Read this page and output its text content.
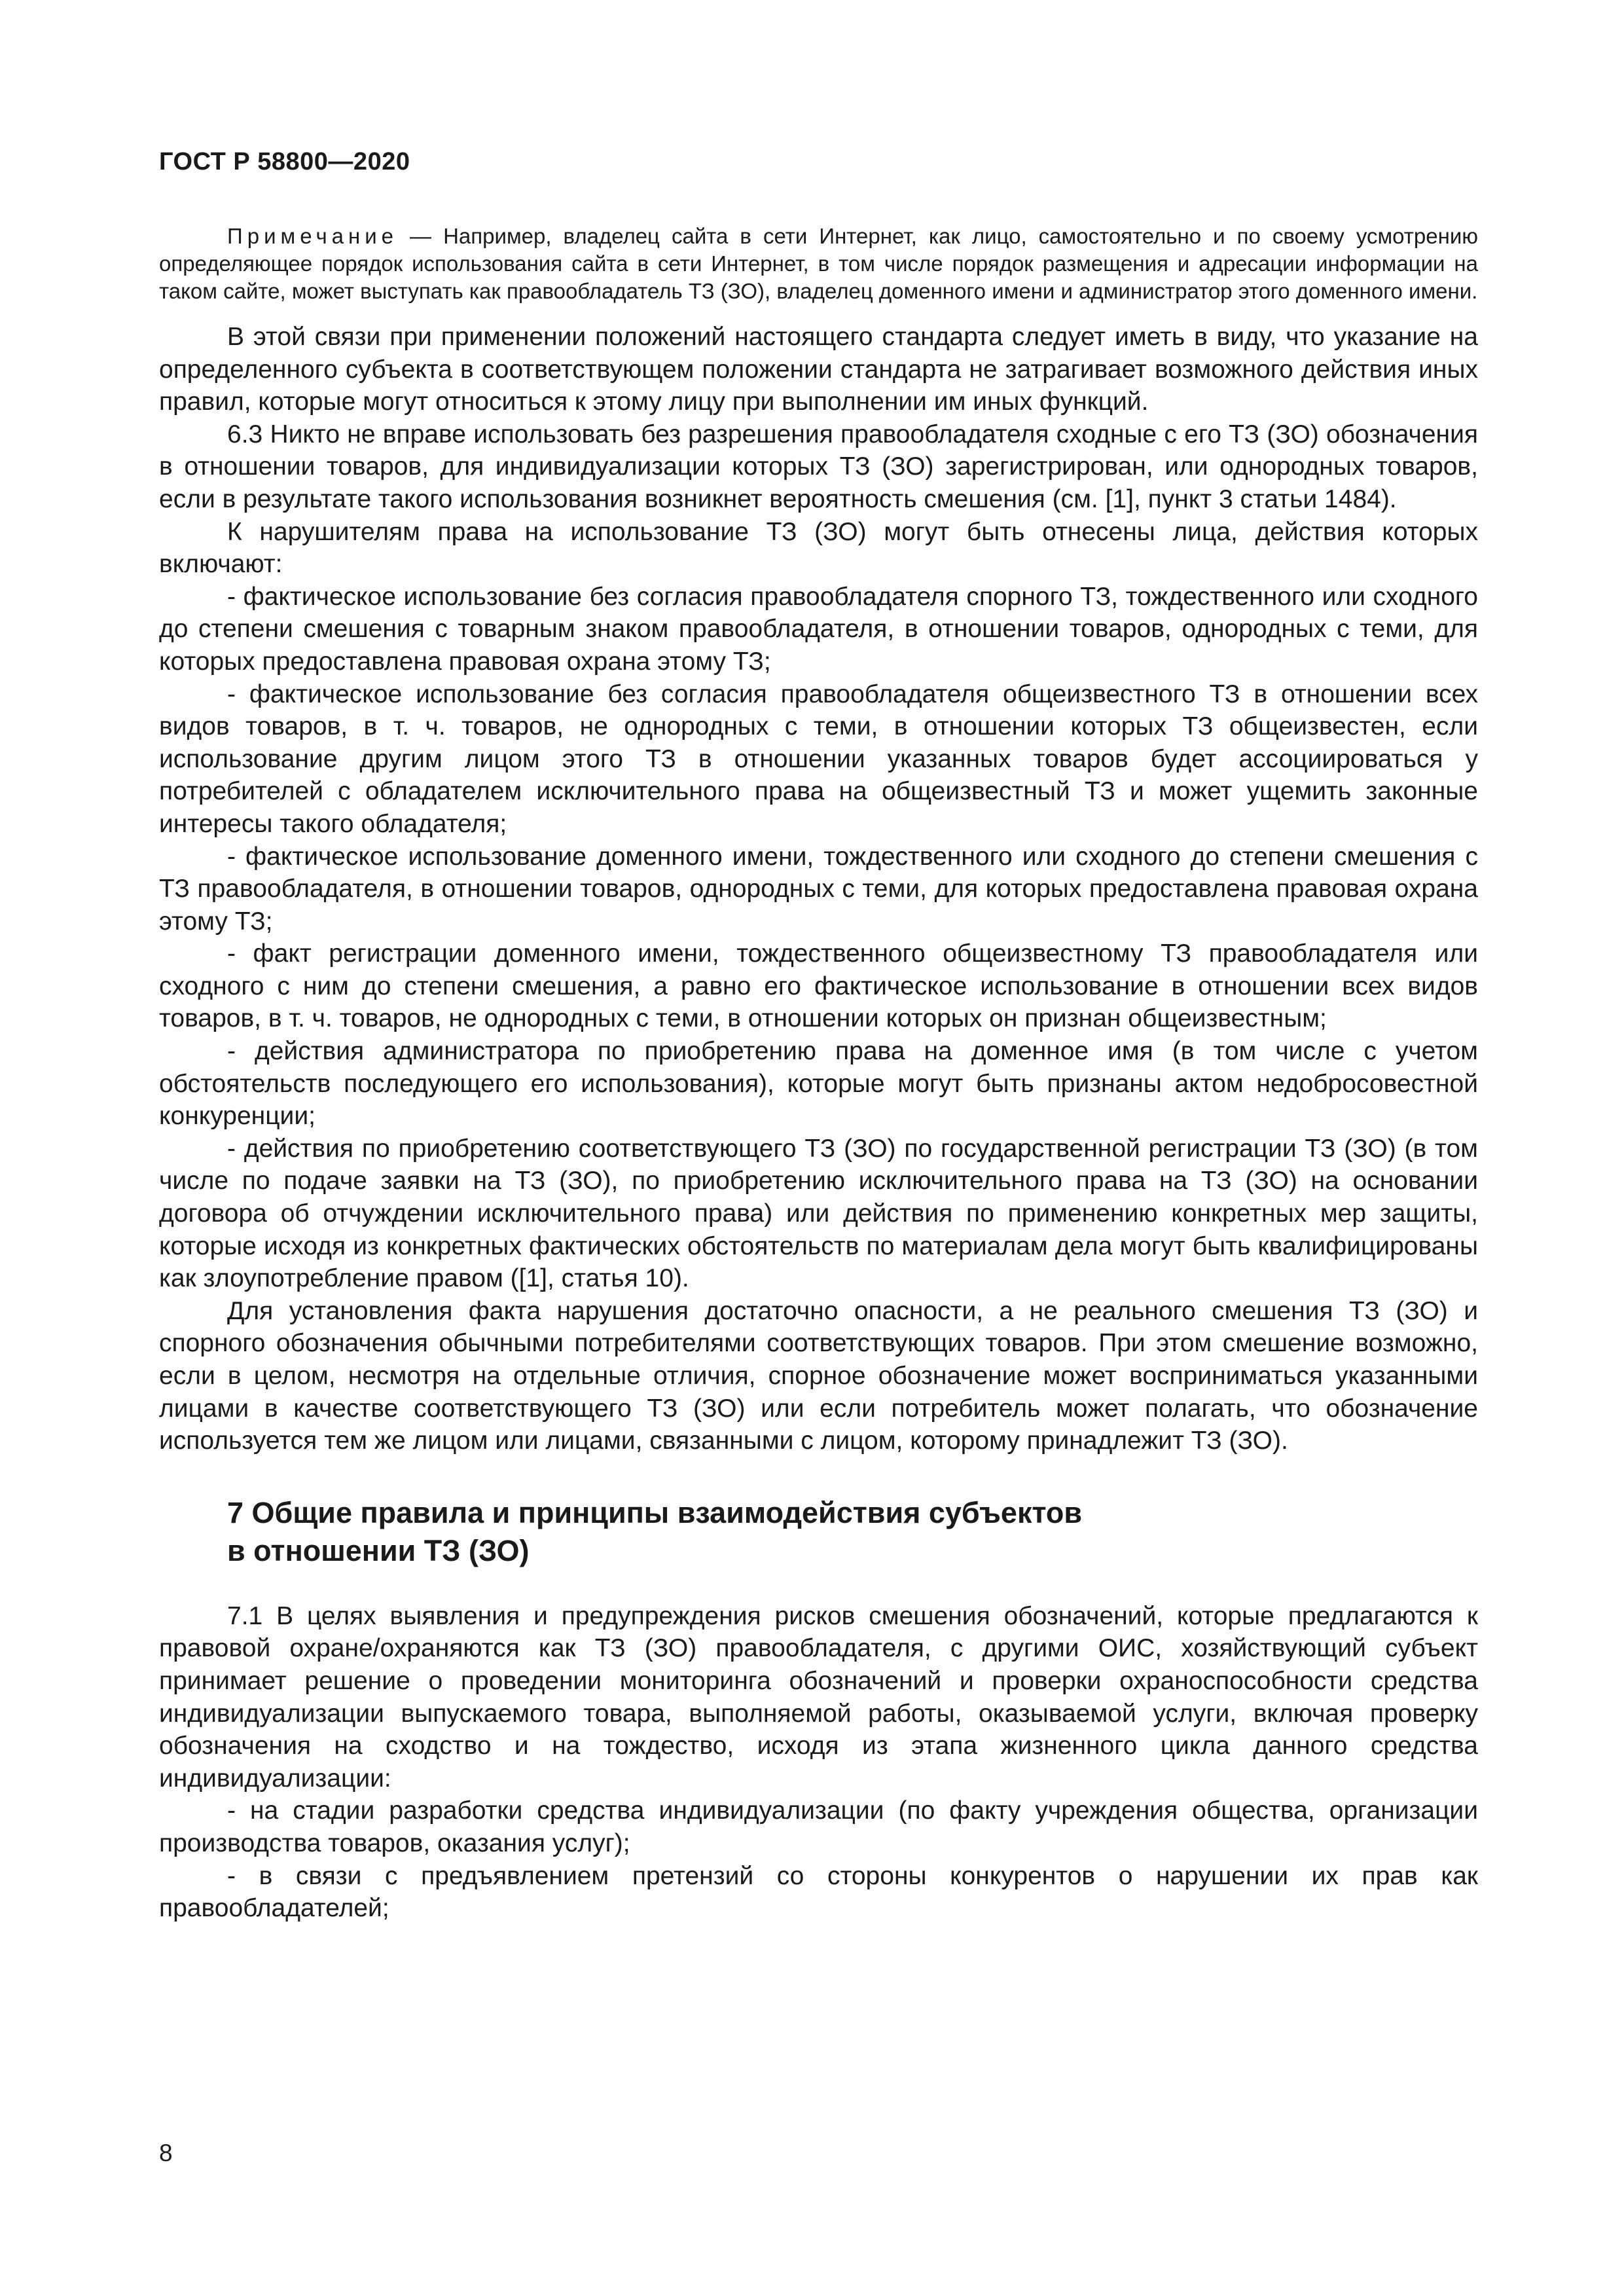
ГОСТ Р 58800—2020

Примечание — Например, владелец сайта в сети Интернет, как лицо, самостоятельно и по своему усмотрению определяющее порядок использования сайта в сети Интернет, в том числе порядок размещения и адресации информации на таком сайте, может выступать как правообладатель ТЗ (ЗО), владелец доменного имени и администратор этого доменного имени.

В этой связи при применении положений настоящего стандарта следует иметь в виду, что указание на определенного субъекта в соответствующем положении стандарта не затрагивает возможного действия иных правил, которые могут относиться к этому лицу при выполнении им иных функций.

6.3 Никто не вправе использовать без разрешения правообладателя сходные с его ТЗ (ЗО) обозначения в отношении товаров, для индивидуализации которых ТЗ (ЗО) зарегистрирован, или однородных товаров, если в результате такого использования возникнет вероятность смешения (см. [1], пункт 3 статьи 1484).

К нарушителям права на использование ТЗ (ЗО) могут быть отнесены лица, действия которых включают:

- фактическое использование без согласия правообладателя спорного ТЗ, тождественного или сходного до степени смешения с товарным знаком правообладателя, в отношении товаров, однородных с теми, для которых предоставлена правовая охрана этому ТЗ;

- фактическое использование без согласия правообладателя общеизвестного ТЗ в отношении всех видов товаров, в т. ч. товаров, не однородных с теми, в отношении которых ТЗ общеизвестен, если использование другим лицом этого ТЗ в отношении указанных товаров будет ассоциироваться у потребителей с обладателем исключительного права на общеизвестный ТЗ и может ущемить законные интересы такого обладателя;

- фактическое использование доменного имени, тождественного или сходного до степени смешения с ТЗ правообладателя, в отношении товаров, однородных с теми, для которых предоставлена правовая охрана этому ТЗ;

- факт регистрации доменного имени, тождественного общеизвестному ТЗ правообладателя или сходного с ним до степени смешения, а равно его фактическое использование в отношении всех видов товаров, в т. ч. товаров, не однородных с теми, в отношении которых он признан общеизвестным;

- действия администратора по приобретению права на доменное имя (в том числе с учетом обстоятельств последующего его использования), которые могут быть признаны актом недобросовестной конкуренции;

- действия по приобретению соответствующего ТЗ (ЗО) по государственной регистрации ТЗ (ЗО) (в том числе по подаче заявки на ТЗ (ЗО), по приобретению исключительного права на ТЗ (ЗО) на основании договора об отчуждении исключительного права) или действия по применению конкретных мер защиты, которые исходя из конкретных фактических обстоятельств по материалам дела могут быть квалифицированы как злоупотребление правом ([1], статья 10).

Для установления факта нарушения достаточно опасности, а не реального смешения ТЗ (ЗО) и спорного обозначения обычными потребителями соответствующих товаров. При этом смешение возможно, если в целом, несмотря на отдельные отличия, спорное обозначение может восприниматься указанными лицами в качестве соответствующего ТЗ (ЗО) или если потребитель может полагать, что обозначение используется тем же лицом или лицами, связанными с лицом, которому принадлежит ТЗ (ЗО).

7 Общие правила и принципы взаимодействия субъектов
в отношении ТЗ (ЗО)

7.1 В целях выявления и предупреждения рисков смешения обозначений, которые предлагаются к правовой охране/охраняются как ТЗ (ЗО) правообладателя, с другими ОИС, хозяйствующий субъект принимает решение о проведении мониторинга обозначений и проверки охраноспособности средства индивидуализации выпускаемого товара, выполняемой работы, оказываемой услуги, включая проверку обозначения на сходство и на тождество, исходя из этапа жизненного цикла данного средства индивидуализации:

- на стадии разработки средства индивидуализации (по факту учреждения общества, организации производства товаров, оказания услуг);

- в связи с предъявлением претензий со стороны конкурентов о нарушении их прав как правообладателей;

8
